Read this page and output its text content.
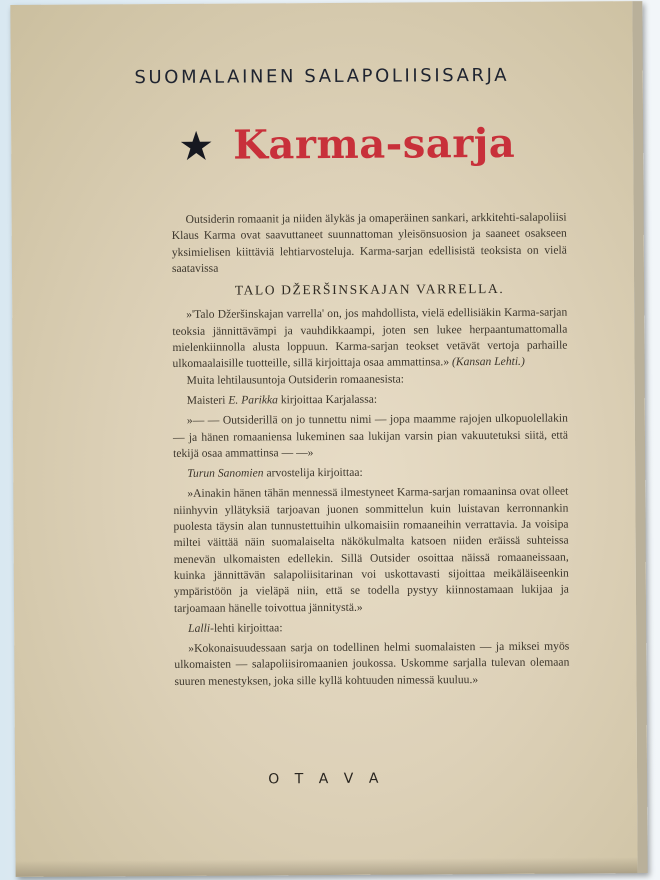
SUOMALAINEN SALAPOLIISISARJA
Karma-sarja

Outsiderin romaanit ja niiden älykäs ja omaperäinen sankari, arkkitehti-salapoliisi Klaus Karma ovat saavuttaneet suunnattoman yleisönsuosion ja saaneet osakseen yksimielisen kiittäviä lehtiarvosteluja. Karma-sarjan edellisistä teoksista on vielä saatavissa

TALO DŽERŠINSKAJAN VARRELLA.

»'Talo Džeršinskajan varrella' on, jos mahdollista, vielä edellisiäkin Karma-sarjan teoksia jännittävämpi ja vauhdikkaampi, joten sen lukee herpaantumattomalla mielenkiinnolla alusta loppuun. Karma-sarjan teokset vetävät vertoja parhaille ulkomaalaisille tuotteille, sillä kirjoittaja osaa ammattinsa.» (Kansan Lehti.)

Muita lehtilausuntoja Outsiderin romaanesista:

Maisteri E. Parikka kirjoittaa Karjalassa:

»— — Outsiderillä on jo tunnettu nimi — jopa maamme rajojen ulkopuolellakin — ja hänen romaaniensa lukeminen saa lukijan varsin pian vakuutetuksi siitä, että tekijä osaa ammattinsa — —»

Turun Sanomien arvostelija kirjoittaa:

»Ainakin hänen tähän mennessä ilmestyneet Karma-sarjan romaaninsa ovat olleet niinhyvin yllätyksiä tarjoavan juonen sommittelun kuin luistavan kerronnankin puolesta täysin alan tunnustettuihin ulkomaisiin romaaneihin verrattavia. Ja voisipa miltei väittää näin suomalaiselta näkökulmalta katsoen niiden eräissä suhteissa menevän ulkomaisten edellekin. Sillä Outsider osoittaa näissä romaaneissaan, kuinka jännittävän salapoliisitarinan voi uskottavasti sijoittaa meikäläiseenkin ympäristöön ja vieläpä niin, että se todella pystyy kiinnostamaan lukijaa ja tarjoamaan hänelle toivottua jännitystä.»

Lalli-lehti kirjoittaa:

»Kokonaisuudessaan sarja on todellinen helmi suomalaisten — ja miksei myös ulkomaisten — salapoliisiromaanien joukossa. Uskomme sarjalla tulevan olemaan suuren menestyksen, joka sille kyllä kohtuuden nimessä kuuluu.»

O T A V A
